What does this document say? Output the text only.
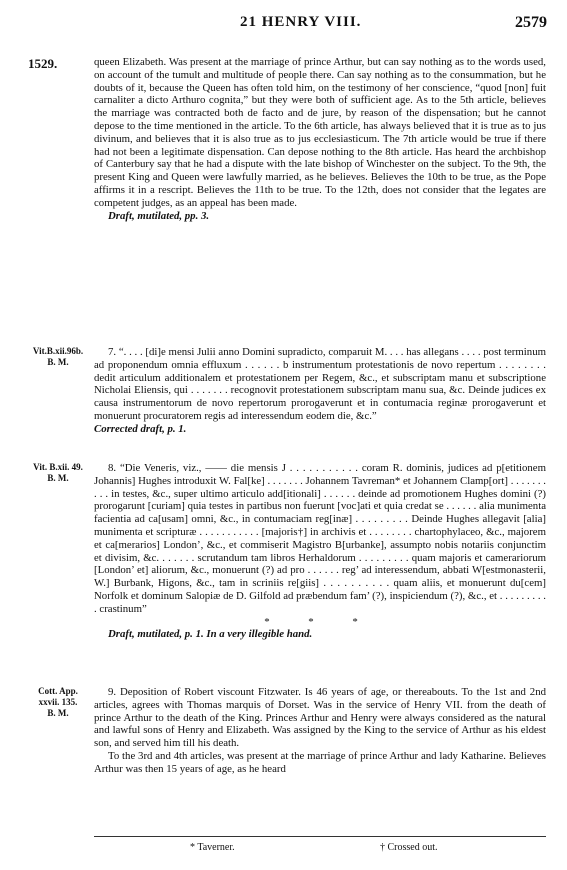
21 HENRY VIII.	2579
1529.	queen Elizabeth. Was present at the marriage of prince Arthur, but can say nothing as to the words used, on account of the tumult and multitude of people there. Can say nothing as to the consummation, but he doubts of it, because the Queen has often told him, on the testimony of her conscience, “quod [non] fuit carnaliter a dicto Arthuro cognita,” but they were both of sufficient age. As to the 5th article, believes the marriage was contracted both de facto and de jure, by reason of the dispensation; but he cannot depose to the time mentioned in the article. To the 6th article, has always believed that it is true as to jus divinum, and believes that it is also true as to jus ecclesiasticum. The 7th article would be true if there had not been a legitimate dispensation. Can depose nothing to the 8th article. Has heard the archbishop of Canterbury say that he had a dispute with the late bishop of Winchester on the subject. To the 9th, the present King and Queen were lawfully married, as he believes. Believes the 10th to be true, as the Pope affirms it in a rescript. Believes the 11th to be true. To the 12th, does not consider that the legates are competent judges, as an appeal has been made.

Draft, mutilated, pp. 3.

Vit.B.xii.96b.
B. M.

7. “. . . . [di]e mensi Julii anno Domini supradicto, comparuit M. . . . has allegans . . . . post terminum ad proponendum omnia effluxum . . . . . . b instrumentum protestationis de novo repertum . . . . . . . . dedit articulum additionalem et protestationem per Regem, &c., et subscriptam manu et subscriptione Nicholai Eliensis, qui . . . . . . . recognovit protestationem subscriptam manu sua, &c. Deinde judices ex causa instrumentorum de novo repertorum prorogaverunt et in contumacia reginæ prorogaverunt et monuerunt procuratorem regis ad interessendum eodem die, &c.”

Corrected draft, p. 1.

Vit. B.xii. 49.
B. M.

8. “Die Veneris, viz., —— die mensis J . . . . . . . . . . . coram R. dominis, judices ad p[etitionem Johannis] Hughes introduxit W. Fal[ke] . . . . . . . Johannem Tavreman* et Johannem Clamp[ort] . . . . . . . . . . in testes, &c., super ultimo articulo add[itionali] . . . . . . deinde ad promotionem Hughes domini (?) prorogarunt [curiam] quia testes in partibus non fuerunt [voc]ati et quia credat se . . . . . . alia munimenta facientia ad ca[usam] omni, &c., in contumaciam reg[inæ] . . . . . . . . . Deinde Hughes allegavit [alia] munimenta et scripturæ . . . . . . . . . . . [majoris†] in archivis et . . . . . . . . chartophylaceo, &c., majorem et ca[merarios] London’, &c., et commiserit Magistro B[urbanke], assumpto nobis notariis conjunctim et divisim, &c. . . . . . . scrutandum tam libros Herhaldorum . . . . . . . . . quam majoris et camerariorum [London’ et] aliorum, &c., monuerunt (?) ad pro . . . . . . reg’ ad interessendum, abbati W[estmonasterii, W.] Burbank, Higons, &c., tam in scriniis re[giis] . . . . . . . . . . quam aliis, et monuerunt du[cem] Norfolk et dominum Salopiæ de D. Gilfold ad præbendum fam’ (?), inspiciendum (?), &c., et . . . . . . . . . . crastinum”

* * *

Draft, mutilated, p. 1. In a very illegible hand.

Cott. App.
xxvii. 135.
B. M.

9. Deposition of Robert viscount Fitzwater. Is 46 years of age, or thereabouts. To the 1st and 2nd articles, agrees with Thomas marquis of Dorset. Was in the service of Henry VII. from the death of prince Arthur to the death of the King. Princes Arthur and Henry were always considered as the natural and lawful sons of Henry and Elizabeth. Was assigned by the King to the service of Arthur as his eldest son, and served him till his death.

To the 3rd and 4th articles, was present at the marriage of prince Arthur and lady Katharine. Believes Arthur was then 15 years of age, as he heard

* Taverner.	† Crossed out.
